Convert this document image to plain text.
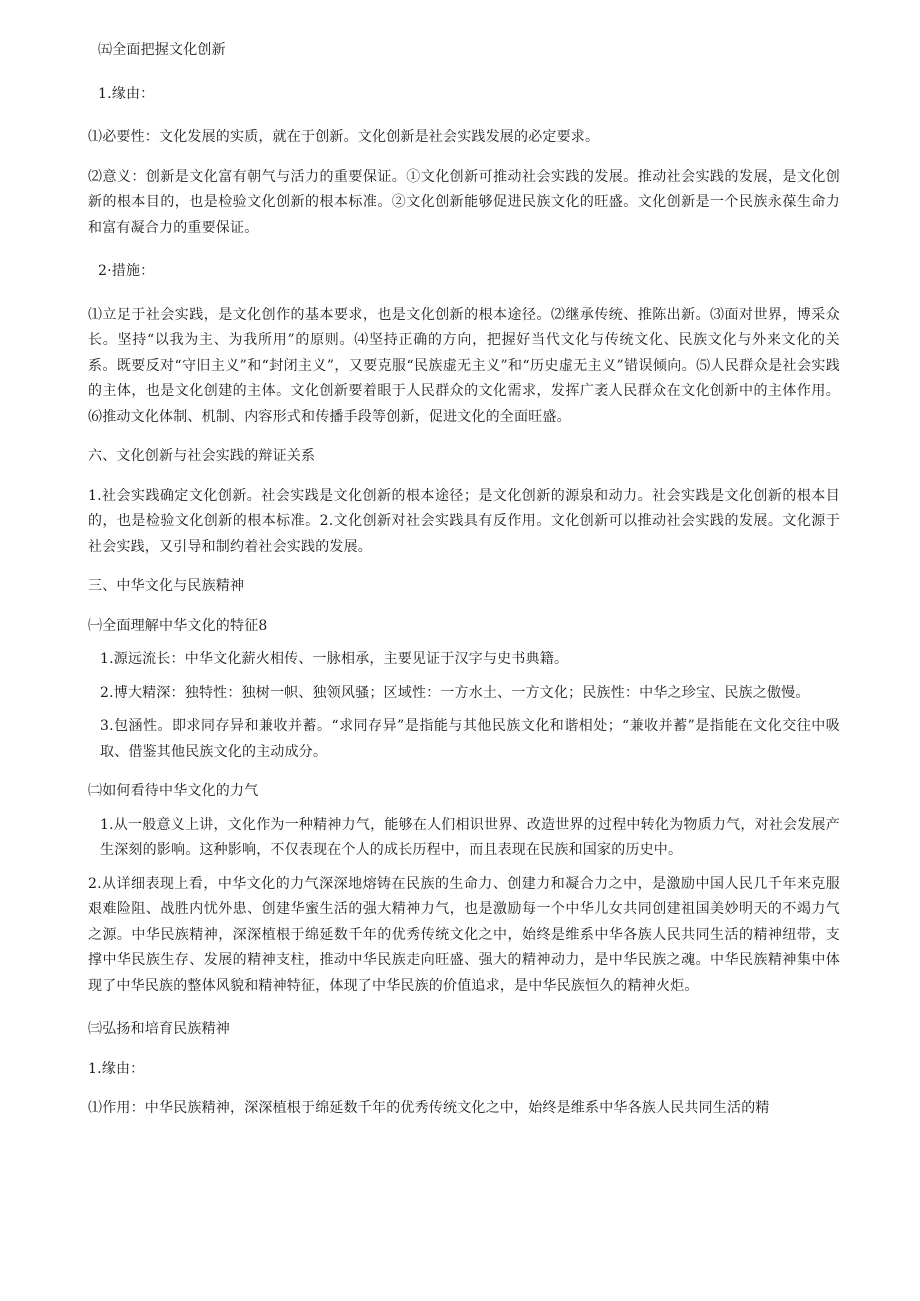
㈤全面把握文化创新

1.缘由：

⑴必要性：文化发展的实质，就在于创新。文化创新是社会实践发展的必定要求。

⑵意义：创新是文化富有朝气与活力的重要保证。①文化创新可推动社会实践的发展。推动社会实践的发展，是文化创新的根本目的，也是检验文化创新的根本标准。②文化创新能够促进民族文化的旺盛。文化创新是一个民族永葆生命力和富有凝合力的重要保证。

2·措施：

⑴立足于社会实践，是文化创作的基本要求，也是文化创新的根本途径。⑵继承传统、推陈出新。⑶面对世界，博采众长。坚持“以我为主、为我所用”的原则。⑷坚持正确的方向，把握好当代文化与传统文化、民族文化与外来文化的关系。既要反对“守旧主义”和“封闭主义”，又要克服“民族虚无主义”和“历史虚无主义”错误倾向。⑸人民群众是社会实践的主体，也是文化创建的主体。文化创新要着眼于人民群众的文化需求，发挥广袤人民群众在文化创新中的主体作用。⑹推动文化体制、机制、内容形式和传播手段等创新，促进文化的全面旺盛。

六、文化创新与社会实践的辩证关系

1.社会实践确定文化创新。社会实践是文化创新的根本途径；是文化创新的源泉和动力。社会实践是文化创新的根本目的，也是检验文化创新的根本标准。2.文化创新对社会实践具有反作用。文化创新可以推动社会实践的发展。文化源于社会实践，又引导和制约着社会实践的发展。

三、中华文化与民族精神

㈠全面理解中华文化的特征8

1.源远流长：中华文化薪火相传、一脉相承，主要见证于汉字与史书典籍。

2.博大精深：独特性：独树一帜、独领风骚；区域性：一方水土、一方文化；民族性：中华之珍宝、民族之傲慢。

3.包涵性。即求同存异和兼收并蓄。“求同存异”是指能与其他民族文化和谐相处；“兼收并蓄”是指能在文化交往中吸取、借鉴其他民族文化的主动成分。

㈡如何看待中华文化的力气

1.从一般意义上讲，文化作为一种精神力气，能够在人们相识世界、改造世界的过程中转化为物质力气，对社会发展产生深刻的影响。这种影响，不仅表现在个人的成长历程中，而且表现在民族和国家的历史中。

2.从详细表现上看，中华文化的力气深深地熔铸在民族的生命力、创建力和凝合力之中，是激励中国人民几千年来克服艰难险阻、战胜内忧外患、创建华蜜生活的强大精神力气，也是激励每一个中华儿女共同创建祖国美妙明天的不竭力气之源。中华民族精神，深深植根于绵延数千年的优秀传统文化之中，始终是维系中华各族人民共同生活的精神纽带，支撑中华民族生存、发展的精神支柱，推动中华民族走向旺盛、强大的精神动力，是中华民族之魂。中华民族精神集中体现了中华民族的整体风貌和精神特征，体现了中华民族的价值追求，是中华民族恒久的精神火炬。

㈢弘扬和培育民族精神

1.缘由：

⑴作用：中华民族精神，深深植根于绵延数千年的优秀传统文化之中，始终是维系中华各族人民共同生活的精
